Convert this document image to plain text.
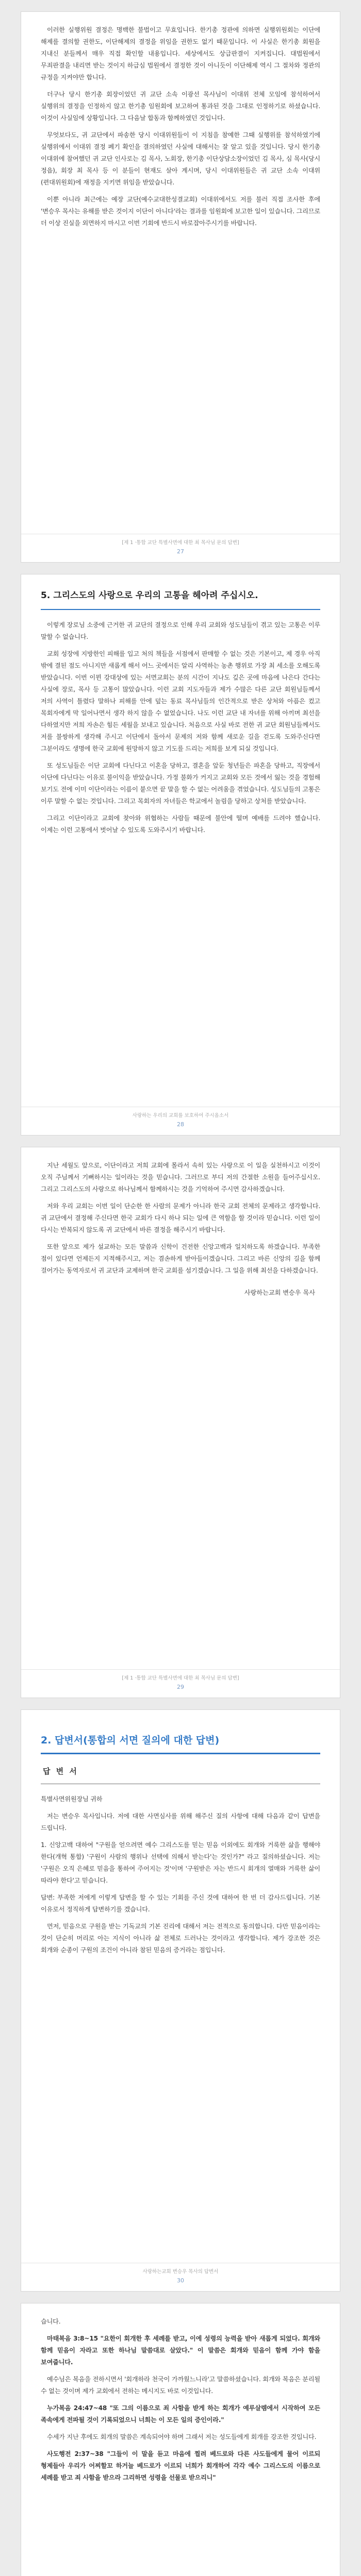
이러한 실행위원 결정은 명백한 불법이고 무효입니다. 한기총 정관에 의하면 실행위원회는 이단에 해제를 결의할 권한도, 이단해제의 결정을 위임을 권한도 없기 때문입니다. 이 사실은 한기총 회원을 지내신 분들께서 매우 직접 확인할 내용입니다. 세상에서도 상급판결이 지켜집니다. 대법원에서 무죄판결을 내리면 받는 것이지 하급심 법원에서 결정한 것이 아니듯이 이단해제 역시 그 절차와 정관의 규정을 지켜야만 합니다.

더구나 당시 한기총 회장이었던 귀 교단 소속 이광선 목사님이 이대위 전체 모임에 참석하여서 실행위의 결정을 인정하지 않고 한기총 임원회에 보고하여 통과된 것을 그대로 인정하기로 하셨습니다. 이것이 사실임에 상황입니다. 그 다음날 합동과 함께하였던 것입니다.

무엇보다도, 귀 교단에서 파송한 당시 이대위원들이 이 지침을 참예한 그때 실행위를 참석하였기에 실행위에서 이대위 결정 폐기 확인을 결의하였던 사실에 대해서는 잘 알고 있을 것입니다. 당시 한기총 이대위에 참여했던 귀 교단 인사로는 김 목사, 노회장, 한기총 이단상담소장이었던 김 목사, 심 목사(당시 정읍), 회장 최 목사 등 이 분들이 현재도 살아 계시며, 당시 이대위원들은 귀 교단 소속 이대위(편대위원회)에 재정을 지키면 위임을 받았습니다.

이뿐 아니라 최근에는 예장 교단(예수교대한성결교회) 이대위에서도 저를 불러 직접 조사한 후에 '변승우 목사는 유해를 받은 것이지 이단이 아니다'라는 결과를 임원회에 보고한 일이 있습니다. 그리므로 더 이상 진실을 외면하지 마시고 이번 기회에 반드시 바로잡아주시기를 바랍니다.

[제 1 ·통합 교단 특별사면에 대한 최 목사님 문의 답변]
27
5. 그리스도의 사랑으로 우리의 고통을 헤아려 주십시오.

이렇게 장로님 소중에 근거한 귀 교단의 결정으로 인해 우리 교회와 성도님들이 겪고 있는 고통은 이루 말할 수 없습니다.

교회 성장에 지방한인 피해를 입고 처의 책들을 서점에서 판매할 수 없는 것은 기본이고, 제 경우 아직 밖에 결된 점도 아니지만 새롭게 해서 어느 곳에서든 알리 사역하는 농촌 행위로 가장 최 세소를 오해도록 받았습니다. 이번 이뮌 강대상에 있는 서면교회는 분의 시간이 지나도 깊은 곳에 마음에 나은다 간다는 사실에 장로, 목사 등 고통이 많았습니다. 이런 교회 지도자들과 제가 수많은 다른 교단 회원님들께서 저의 사역이 틀렸다 말하나 피해를 안에 덮는 동료 목사님들의 인간적으로 받은 상처와 아픔은 컸고 목회자에게 막 일어나면서 생각 하지 않을 수 없었습니다. 나도 이런 교단 내 자녀를 위해 아끼며 최선을 다하였지만 저희 자손은 힘든 세월을 보내고 있습니다. 처음으로 사실 바로 전한 귀 교단 회원님들께서도 저를 불쌍하게 생각해 주시고 이단에서 돌아서 문제의 저와 함께 새로운 길을 걷도록 도와주신다면 그분이라도 생명에 한국 교회에 원망하지 않고 기도를 드리는 저희를 보게 되실 것입니다.

또 성도님들은 이단 교회에 다닌다고 이혼을 당하고, 결혼을 앞둔 청년들은 파혼을 당하고, 직장에서 이단에 다닌다는 이유로 불이익을 받았습니다. 가정 불화가 커지고 교회와 모든 것에서 잃는 것을 경험해 보기도 전에 이미 이단이라는 이름이 붙으면 끝 말을 할 수 없는 어려움을 겪었습니다. 성도님들의 고통은 이루 말할 수 없는 것입니다. 그리고 목회자의 자녀들은 학교에서 놀림을 당하고 상처를 받았습니다.

그리고 이단이라고 교회에 찾아와 위협하는 사람들 때문에 불안에 떨며 예배를 드려야 했습니다. 이제는 이런 고통에서 벗어날 수 있도록 도와주시기 바랍니다.

사랑하는 우리의 교회를 보호하여 주시옵소서
28

지난 세월도 앞으로, 이단이라고 저희 교회에 몰라서 속히 있는 사랑으로 이 일을 실천하시고 이것이 오직 주님께서 기뻐하시는 일이라는 것을 믿습니다. 그러므로 부디 저의 간절한 소원을 들어주십시오. 그리고 그리스도의 사랑으로 하나님께서 함께하시는 것을 기억하여 주시면 감사하겠습니다.

저와 우리 교회는 이번 일이 단순한 한 사람의 문제가 아니라 한국 교회 전체의 문제라고 생각합니다. 귀 교단에서 결정해 주신다면 한국 교회가 다시 하나 되는 일에 큰 역할을 할 것이라 믿습니다. 이런 일이 다시는 반복되지 않도록 귀 교단에서 바른 결정을 해주시기 바랍니다.

또한 앞으로 제가 설교하는 모든 말씀과 신학이 건전한 신앙고백과 일치하도록 하겠습니다. 부족한 점이 있다면 언제든지 지적해주시고, 저는 겸손하게 받아들이겠습니다. 그리고 바른 신앙의 길을 함께 걸어가는 동역자로서 귀 교단과 교제하며 한국 교회를 섬기겠습니다. 그 일을 위해 최선을 다하겠습니다.

사랑하는교회 변승우 목사
[제 1 ·통합 교단 특별사면에 대한 최 목사님 문의 답변]
29
2. 답변서(통합의 서면 질의에 대한 답변)
답 변 서

특별사면위원장님 귀하

저는 변승우 목사입니다. 저에 대한 사면심사를 위해 해주신 질의 사항에 대해 다음과 같이 답변을 드립니다.

1. 신앙고백 대하여 "구원을 얻으려면 예수 그리스도를 믿는 믿음 이외에도 회개와 거룩한 삶을 행해야 한다(개혁 통합) '구원이 사람의 행위나 선택에 의해서 받는다'는 것인가?" 라고 질의하셨습니다. 저는 '구원은 오직 은혜로 믿음을 통하여 주어지는 것'이며 '구원받은 자는 반드시 회개의 열매와 거룩한 삶이 따라야 한다'고 믿습니다.

답변: 부족한 저에게 이렇게 답변을 할 수 있는 기회를 주신 것에 대하여 한 번 더 감사드립니다. 기본 이유로서 정직하게 답변하기를 겠습니다.

먼저, 믿음으로 구원을 받는 기독교의 기본 진리에 대해서 저는 전적으로 동의합니다. 다만 믿음이라는 것이 단순히 머리로 아는 지식이 아니라 삶 전체로 드러나는 것이라고 생각합니다. 제가 강조한 것은 회개와 순종이 구원의 조건이 아니라 참된 믿음의 증거라는 점입니다.

사랑하는교회 변승우 목사의 답변서
30

습니다.

마태복음 3:8~15 "요한이 회개한 후 세례를 받고, 이에 성령의 능력을 받아 새롭게 되었다. 회개와 함께 믿음이 자라고 또한 하나님 말씀대로 살았다." 이 말씀은 회개와 믿음이 함께 가야 함을 보여줍니다.

예수님은 복음을 전하시면서 '회개하라 천국이 가까웠느니라'고 말씀하셨습니다. 회개와 복음은 분리될 수 없는 것이며 제가 교회에서 전하는 메시지도 바로 이것입니다.

누가복음 24:47~48 "또 그의 이름으로 죄 사함을 받게 하는 회개가 예루살렘에서 시작하여 모든 족속에게 전파될 것이 기록되었으니 너희는 이 모든 일의 증인이라."

수세가 지난 후에도 회개의 말씀은 계속되어야 하며 그래서 저는 성도들에게 회개를 강조한 것입니다.

사도행전 2:37~38 "그들이 이 말을 듣고 마음에 찔려 베드로와 다른 사도들에게 물어 이르되 형제들아 우리가 어찌할꼬 하거늘 베드로가 이르되 너희가 회개하여 각각 예수 그리스도의 이름으로 세례를 받고 죄 사함을 받으라 그리하면 성령을 선물로 받으리니"
